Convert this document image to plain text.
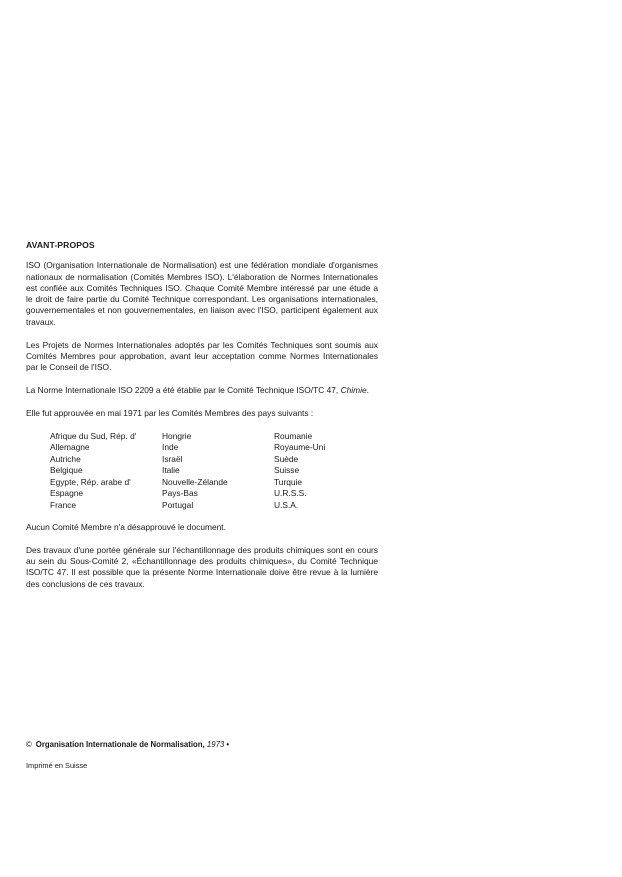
AVANT-PROPOS

ISO (Organisation Internationale de Normalisation) est une fédération mondiale d'organismes nationaux de normalisation (Comités Membres ISO). L'élaboration de Normes Internationales est confiée aux Comités Techniques ISO. Chaque Comité Membre intéressé par une étude a le droit de faire partie du Comité Technique correspondant. Les organisations internationales, gouvernementales et non gouvernementales, en liaison avec l'ISO, participent également aux travaux.

Les Projets de Normes Internationales adoptés par les Comités Techniques sont soumis aux Comités Membres pour approbation, avant leur acceptation comme Normes Internationales par le Conseil de l'ISO.

La Norme Internationale ISO 2209 a été établie par le Comité Technique ISO/TC 47, Chimie.

Elle fut approuvée en mai 1971 par les Comités Membres des pays suivants :

Afrique du Sud, Rép. d'	Hongrie	Roumanie
Allemagne	Inde	Royaume-Uni
Autriche	Israël	Suède
Belgique	Italie	Suisse
Egypte, Rép. arabe d'	Nouvelle-Zélande	Turquie
Espagne	Pays-Bas	U.R.S.S.
France	Portugal	U.S.A.

Aucun Comité Membre n'a désapprouvé le document.

Des travaux d'une portée générale sur l'échantillonnage des produits chimiques sont en cours au sein du Sous-Comité 2, «Échantillonnage des produits chimiques», du Comité Technique ISO/TC 47. Il est possible que la présente Norme Internationale doive être revue à la lumière des conclusions de ces travaux.

© Organisation Internationale de Normalisation, 1973 •
Imprimé en Suisse
